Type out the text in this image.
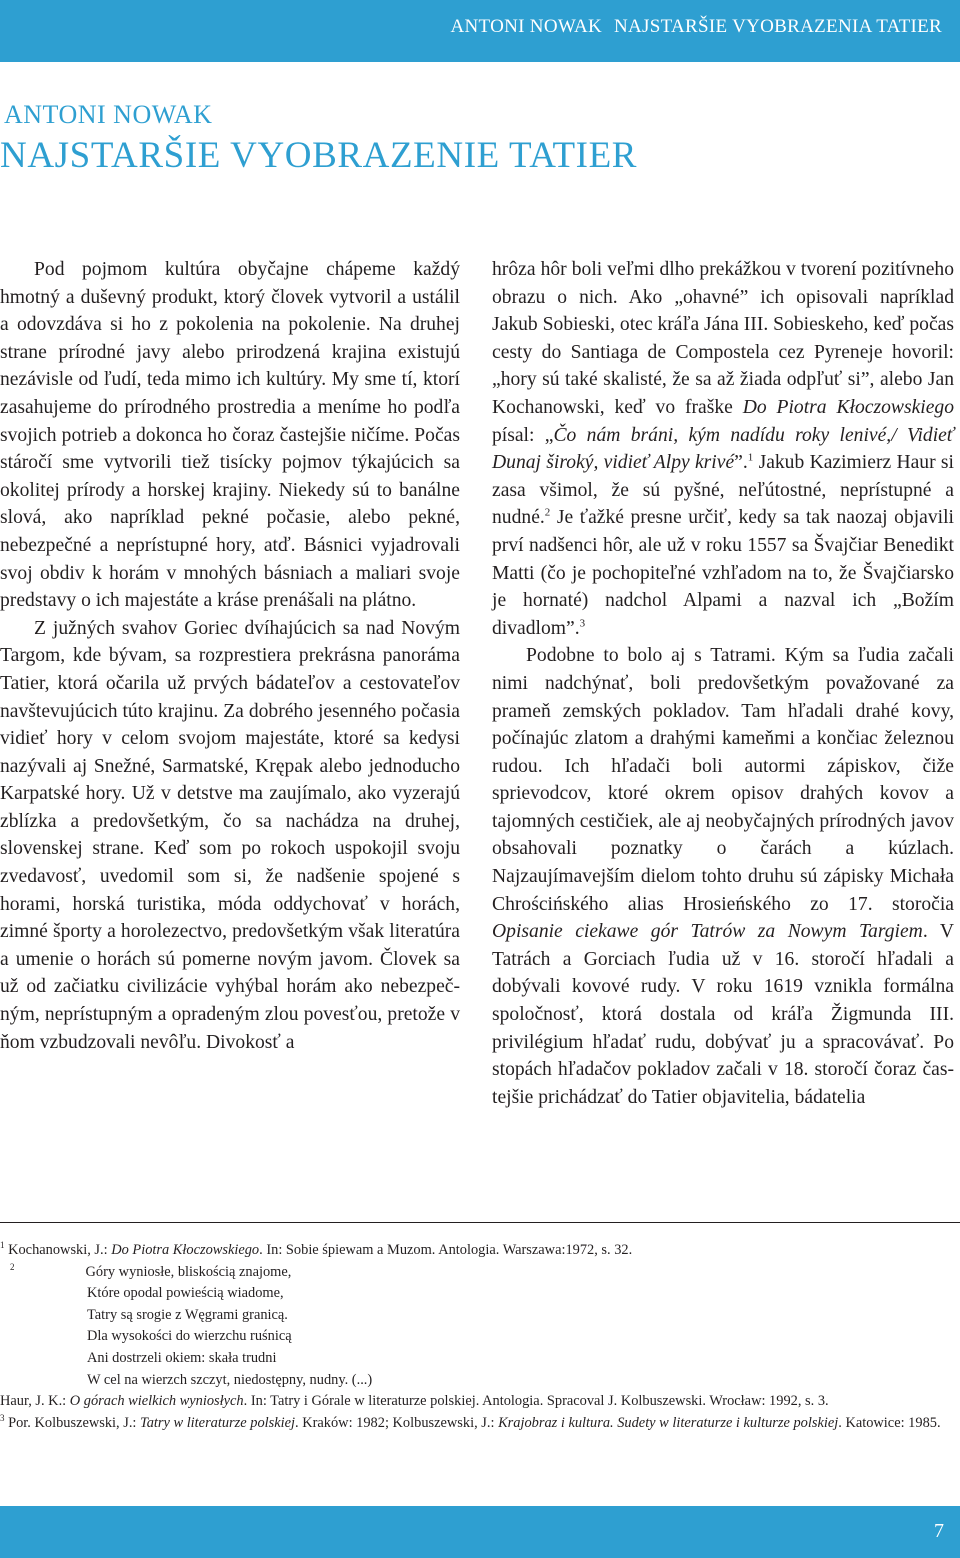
ANTONI NOWAK NAJSTARŠIE VYOBRAZENIA TATIER
ANTONI NOWAK
NAJSTARŠIE VYOBRAZENIE TATIER

Pod pojmom kultúra obyčajne chápeme každý hmotný a duševný produkt, ktorý človek vytvoril a ustálil a odovzdáva si ho z pokolenia na pokolenie. Na druhej strane prírodné javy alebo prirodzená krajina existujú nezávisle od ľudí, teda mimo ich kultúry. My sme tí, ktorí zasahujeme do prírodného prostredia a meníme ho podľa svojich potrieb a dokonca ho čoraz častejšie ničíme. Počas stáročí sme vytvorili tiež tisícky pojmov týkajúcich sa okolitej prírody a horskej krajiny. Niekedy sú to banálne slová, ako napríklad pekné počasie, alebo pekné, nebezpečné a neprístupné hory, atď. Básnici vyjadrovali svoj obdiv k horám v mnohých básniach a maliari svoje predstavy o ich majestáte a kráse prenášali na plátno.

Z južných svahov Goriec dvíhajúcich sa nad Novým Targom, kde bývam, sa rozprestiera prekrásna panoráma Tatier, ktorá očarila už prvých bádateľov a cestovateľov navštevujúcich túto krajinu. Za dobrého jesenného počasia vidieť hory v celom svojom majestáte, ktoré sa kedysi nazývali aj Snežné, Sarmatské, Krępak alebo jednoducho Karpatské hory. Už v detstve ma zaujímalo, ako vyzerajú zblízka a predovšetkým, čo sa nachádza na druhej, slovenskej strane. Keď som po rokoch uspokojil svoju zvedavosť, uvedomil som si, že nadšenie spojené s horami, horská turistika, móda oddychovať v horách, zimné športy a horolezectvo, predovšetkým však literatúra a umenie o horách sú pomerne novým javom. Človek sa už od začiatku civilizácie vyhýbal horám ako nebezpečným, neprístupným a opradeným zlou povesťou, pretože v ňom vzbudzovali nevôľu. Divokosť a

hrôza hôr boli veľmi dlho prekážkou v tvorení pozitívneho obrazu o nich. Ako „ohavné” ich opisovali napríklad Jakub Sobieski, otec kráľa Jána III. Sobieskeho, keď počas cesty do Santiaga de Compostela cez Pyreneje hovoril: „hory sú také skalisté, že sa až žiada odpľuť si”, alebo Jan Kochanowski, keď vo fraške Do Piotra Kłoczowskiego písal: „Čo nám bráni, kým nadídu roky lenivé,/ Vidieť Dunaj široký, vidieť Alpy krivé”.$^1$ Jakub Kazimierz Haur si zasa všimol, že sú pyšné, neľútostné, neprístupné a nudné.$^2$ Je ťažké presne určiť, kedy sa tak naozaj objavili prví nadšenci hôr, ale už v roku 1557 sa Švajčiar Benedikt Matti (čo je pochopiteľné vzhľadom na to, že Švajčiarsko je hornaté) nadchol Alpami a nazval ich „Božím divadlom”.$^3$

Podobne to bolo aj s Tatrami. Kým sa ľudia začali nimi nadchýnať, boli predovšetkým považované za prameň zemských pokladov. Tam hľadali drahé kovy, počínajúc zlatom a drahými kameňmi a končiac železnou rudou. Ich hľadači boli autormi zápiskov, čiže sprievodcov, ktoré okrem opisov drahých kovov a tajomných cestičiek, ale aj neobyčajných prírodných javov obsahovali poznatky o čarách a kúzlach. Najzaujímavejším dielom tohto druhu sú zápisky Michała Chrościńského alias Hrosieńského zo 17. storočia Opisanie ciekawe gór Tatrów za Nowym Targiem. V Tatrách a Gorciach ľudia už v 16. storočí hľadali a dobývali kovové rudy. V roku 1619 vznikla formálna spoločnosť, ktorá dostala od kráľa Žigmunda III. privilégium hľadať rudu, dobývať ju a spracovávať. Po stopách hľadačov pokladov začali v 18. storočí čoraz častejšie prichádzať do Tatier objavitelia, bádatelia

$^1$ Kochanowski, J.: Do Piotra Kłoczowskiego. In: Sobie śpiewam a Muzom. Antologia. Warszawa:1972, s. 32.

$^2$	Góry wyniosłe, bliskością znajome,

Które opodal powieścią wiadome,

Tatry są srogie z Węgrami granicą.

Dla wysokości do wierzchu ruśnicą

Ani dostrzeli okiem: skała trudni

W cel na wierzch szczyt, niedostępny, nudny. (...)

Haur, J. K.: O górach wielkich wyniosłych. In: Tatry i Górale w literaturze polskiej. Antologia. Spracoval J. Kolbuszewski. Wrocław: 1992, s. 3.

$^3$ Por. Kolbuszewski, J.: Tatry w literaturze polskiej. Kraków: 1982; Kolbuszewski, J.: Krajobraz i kultura. Sudety w literaturze i kulturze polskiej. Katowice: 1985.

7
